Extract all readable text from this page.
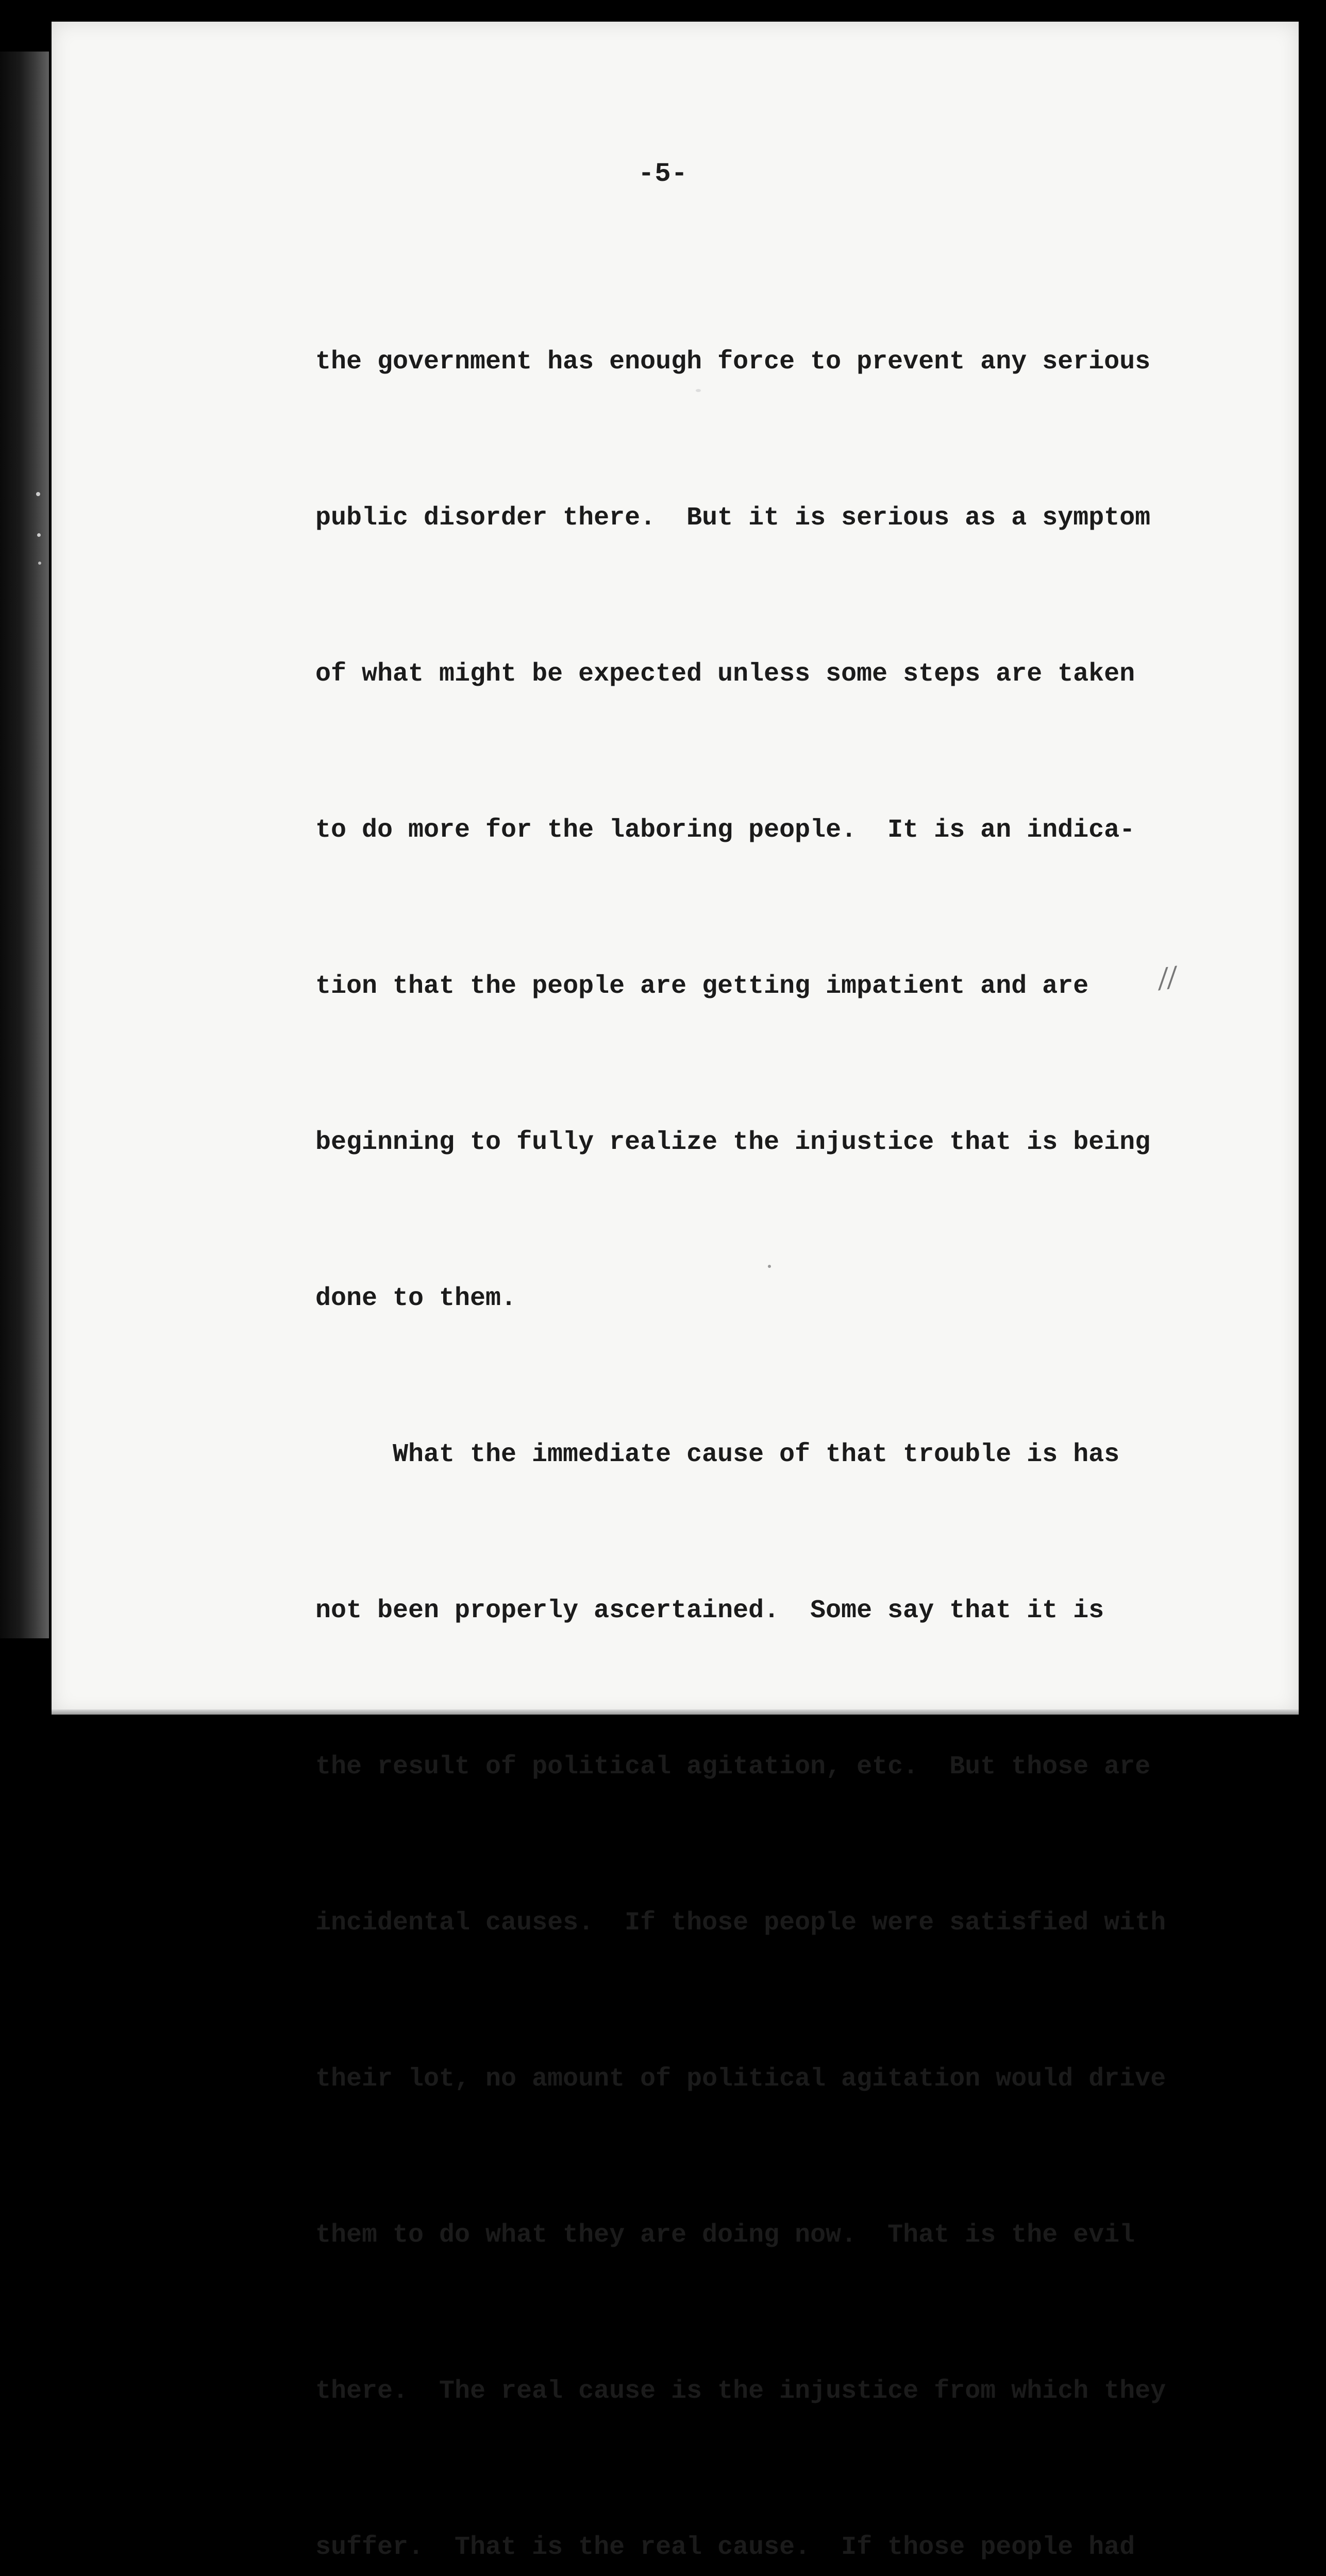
-5-

the government has enough force to prevent any serious

public disorder there.  But it is serious as a symptom

of what might be expected unless some steps are taken

to do more for the laboring people.  It is an indica-

tion that the people are getting impatient and are

beginning to fully realize the injustice that is being

done to them.

What the immediate cause of that trouble is has

not been properly ascertained.  Some say that it is

the result of political agitation, etc.  But those are

incidental causes.  If those people were satisfied with

their lot, no amount of political agitation would drive

them to do what they are doing now.  That is the evil

there.  The real cause is the injustice from which they

suffer.  That is the real cause.  If those people had

//
